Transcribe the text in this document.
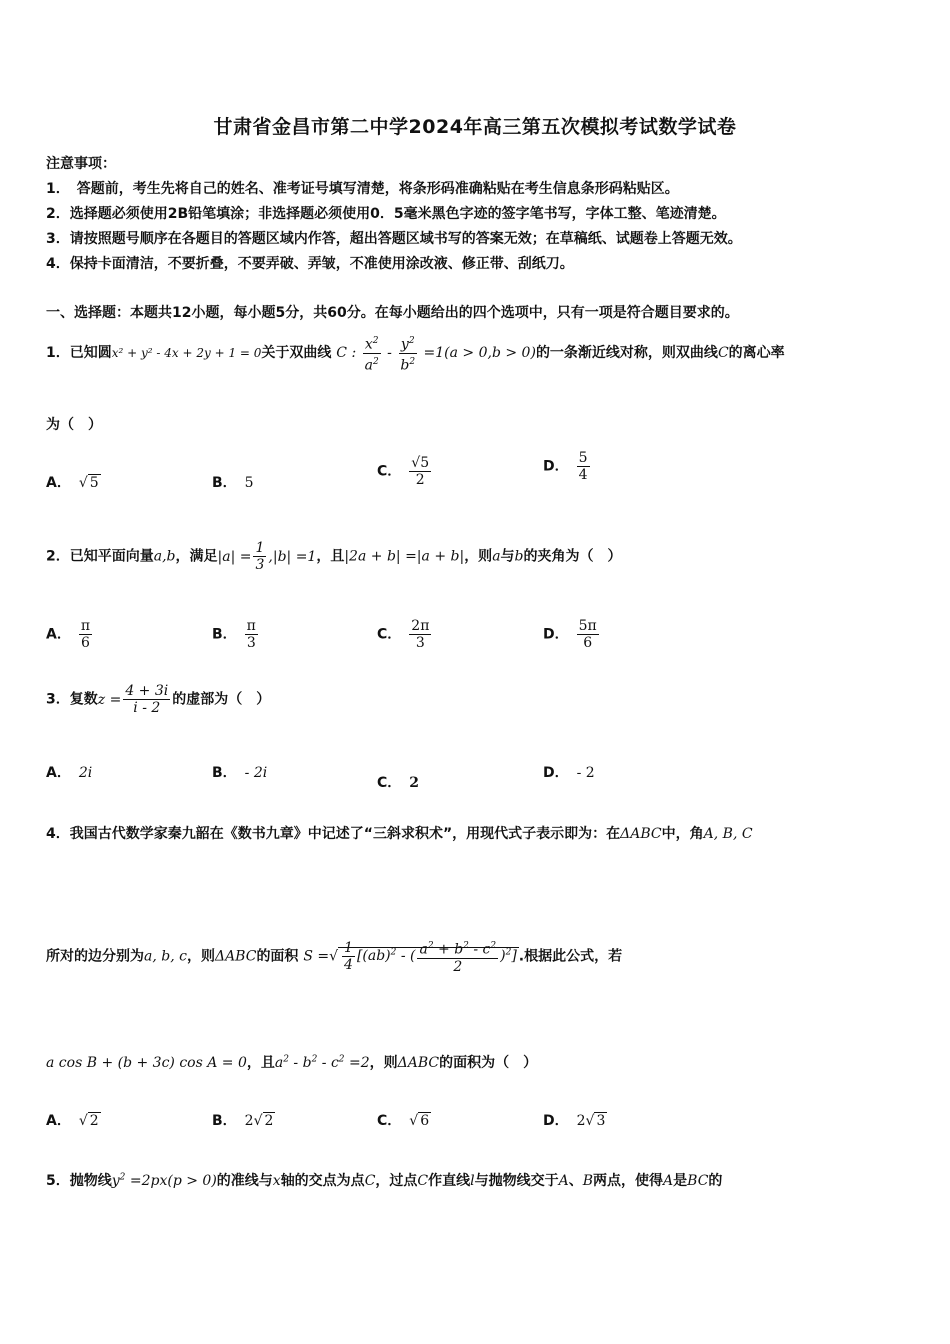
甘肃省金昌市第二中学2024年高三第五次模拟考试数学试卷
注意事项：
1．　答题前，考生先将自己的姓名、准考证号填写清楚，将条形码准确粘贴在考生信息条形码粘贴区。
2．选择题必须使用2B铅笔填涂；非选择题必须使用0．5毫米黑色字迹的签字笔书写，字体工整、笔迹清楚。
3．请按照题号顺序在各题目的答题区域内作答，超出答题区域书写的答案无效；在草稿纸、试题卷上答题无效。
4．保持卡面清洁，不要折叠，不要弄破、弄皱，不准使用涂改液、修正带、刮纸刀。
一、选择题：本题共12小题，每小题5分，共60分。在每小题给出的四个选项中，只有一项是符合题目要求的。
1．已知圆x² + y² - 4x + 2y + 1 = 0关于双曲线 C : $\frac{x^2}{a^2} - \frac{y^2}{b^2} =1(a > 0,b > 0)$的一条渐近线对称，则双曲线C的离心率
为（　）
A． √ 5	B． 5
C． $\frac{√5}{2}$	D． $\frac{5}{4}$
2．已知平面向量a,b，满足$|a| = \frac{1}{3} ,|b| =1$，且|2a + b| =|a + b|，则a与b的夹角为（　）
A． $\frac{\pi}{6}$	B． $\frac{\pi}{3}$	C． $\frac{2\pi}{3}$	D． $\frac{5\pi}{6}$
3．复数$z = \frac{4 + 3i}{i - 2}$ 的虚部为（　）
A． 2i	B． - 2i
C． 2
D． - 2
4．我国古代数学家秦九韶在《数书九章》中记述了“三斜求积术”，用现代式子表示即为：在ΔABC中，角A, B, C
所对的边分别为a, b, c，则ΔABC的面积 S =√ $\frac{1}{4} [(ab)^2$ - ( $\frac{a^2 + b^2 - c^2}{2} )^2$] .根据此公式，若
a cos B + (b + 3c) cos A = 0，且$a^2 - b^2 - c^2 =2$，则ΔABC的面积为（　）
A． √ 2	B． 2√ 2	C． √ 6	D． 2√ 3
5．抛物线$y^2 =2px(p > 0)$的准线与x轴的交点为点C，过点C作直线l与抛物线交于A、B两点，使得A是BC的
